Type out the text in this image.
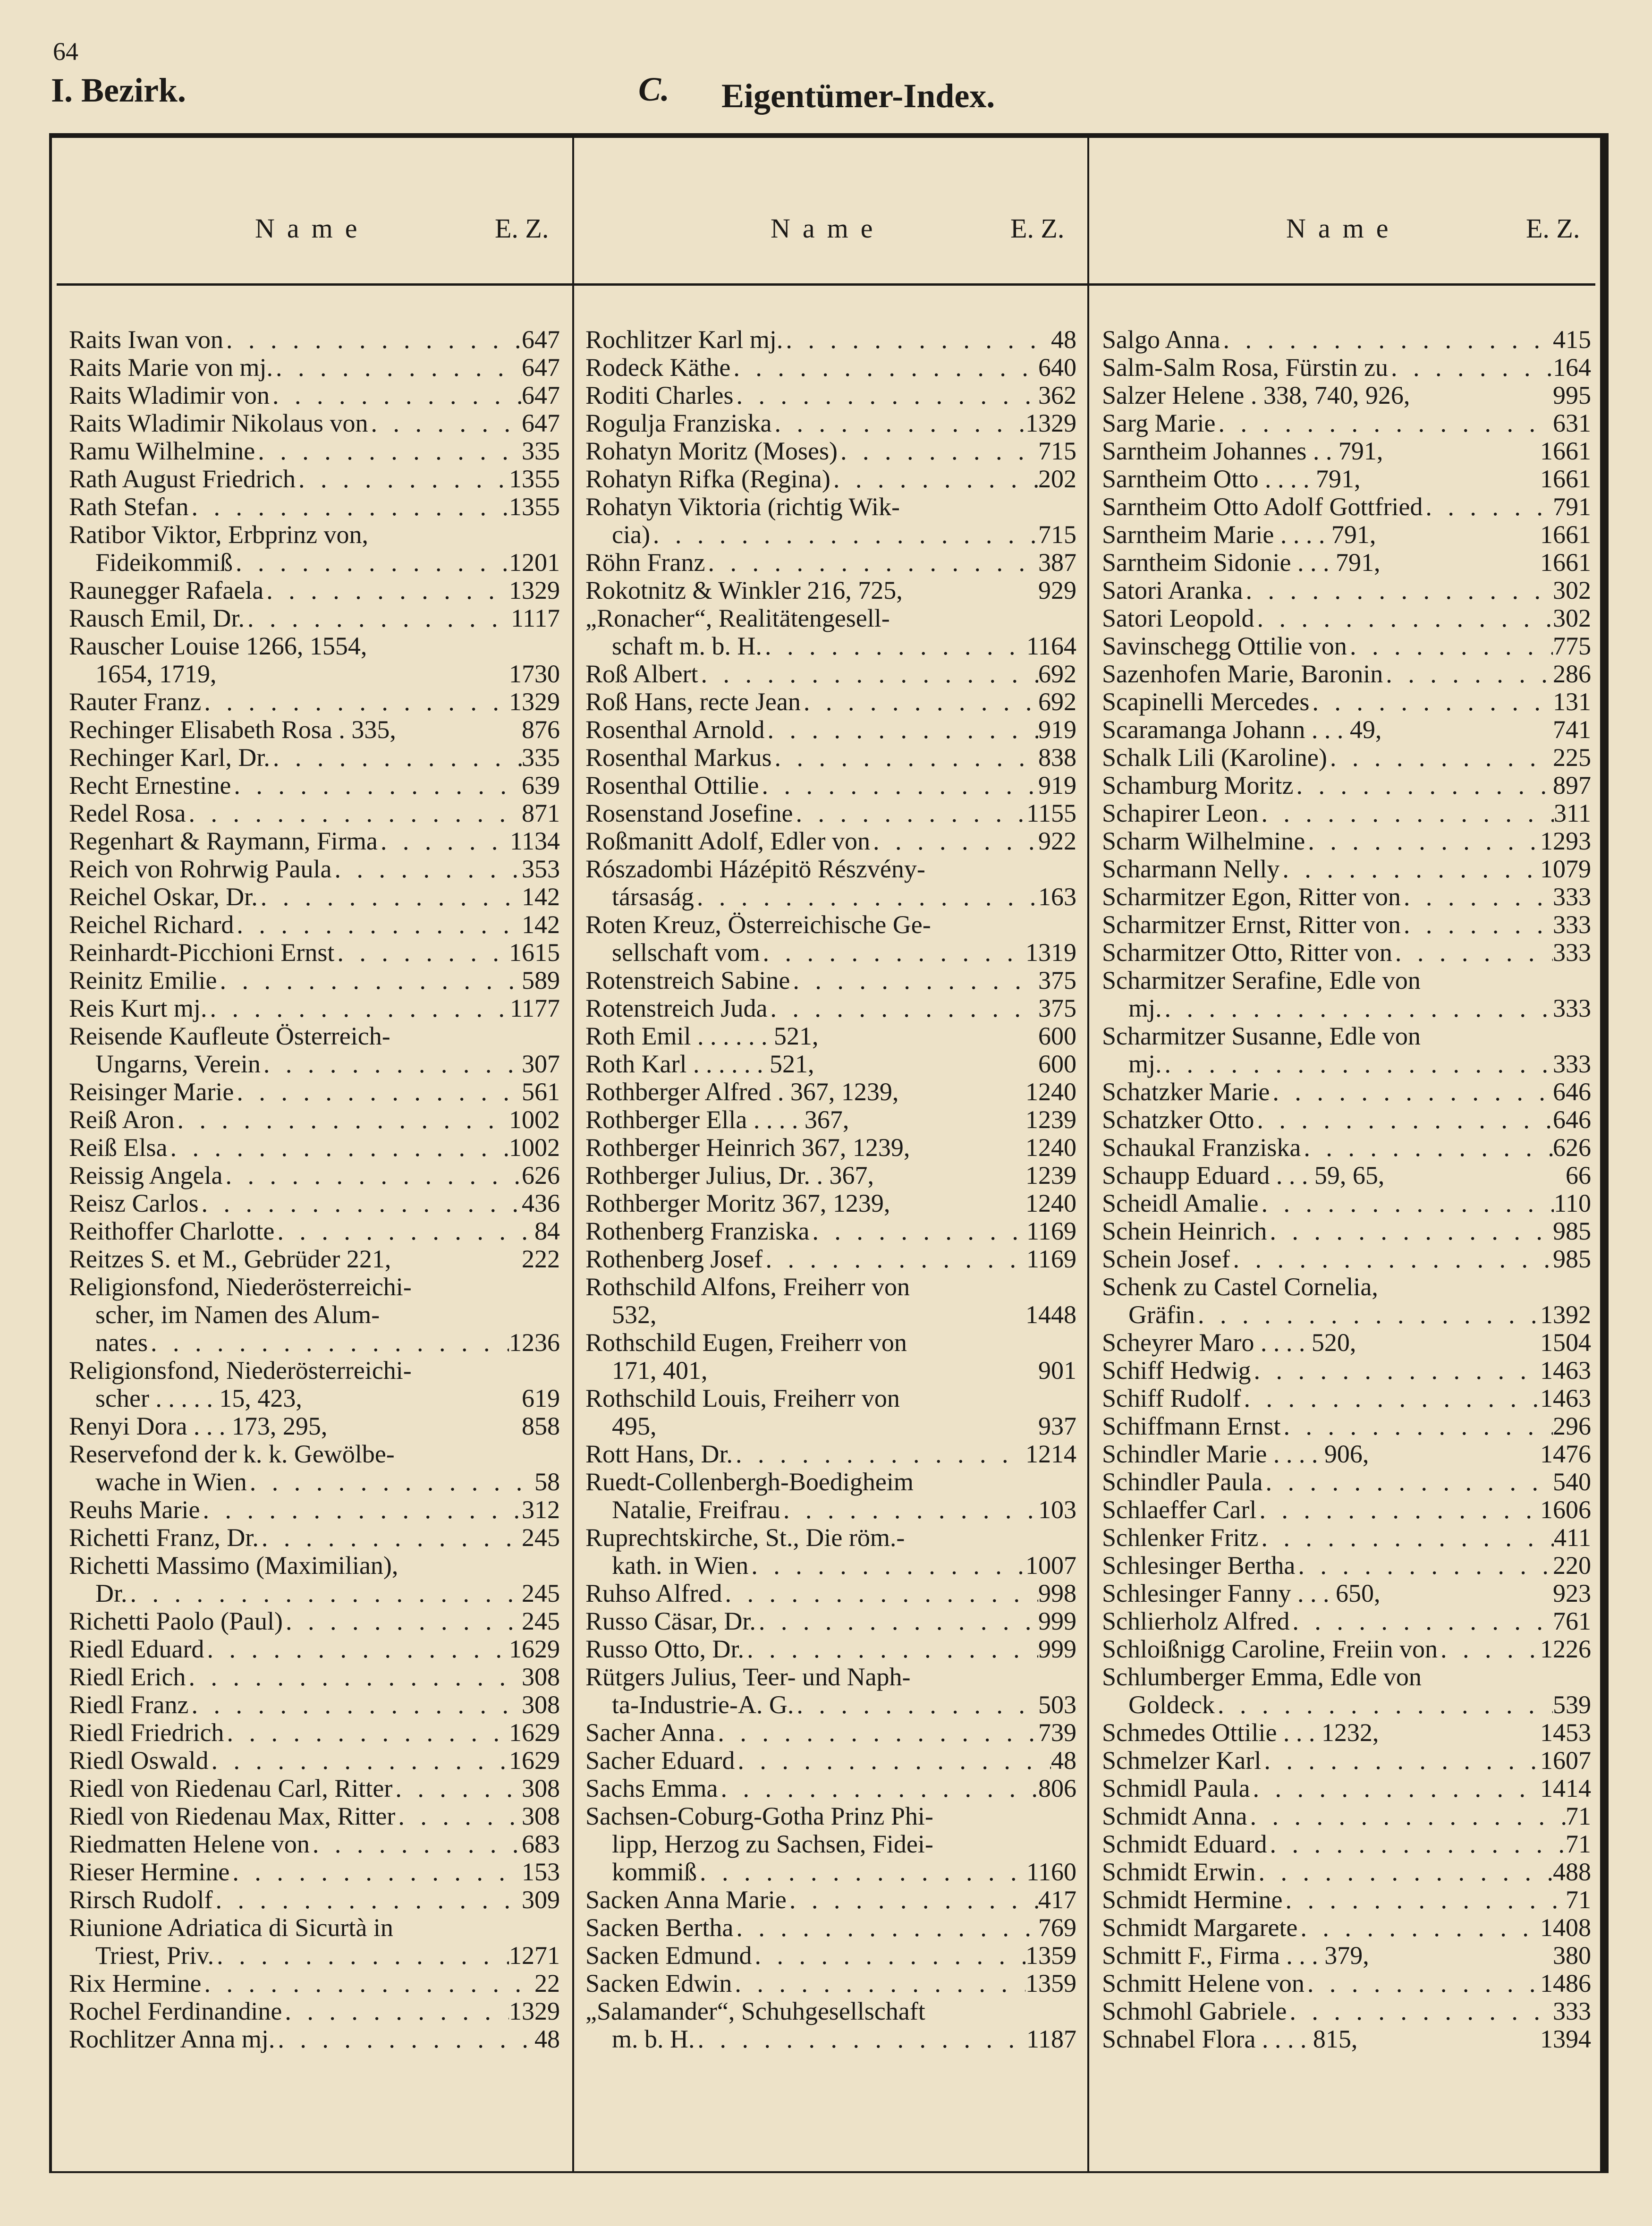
64
I. Bezirk.	C. Eigentümer-Index.
Name	E. Z.	Name	E. Z.	Name	E. Z.
Raits Iwan von . . .	647
Raits Marie von mj. . . .	647
Raits Wladimir von . . .	647
Raits Wladimir Nikolaus von . . .	647
Ramu Wilhelmine . . .	335
Rath August Friedrich . . .	1355
Rath Stefan . . .	1355
Ratibor Viktor, Erbprinz von,
Fideikommiß . . .	1201
Raunegger Rafaela . . .	1329
Rausch Emil, Dr. . . .	1117
Rauscher Louise 1266, 1554,
1654, 1719,	1730
Rauter Franz . . .	1329
Rechinger Elisabeth Rosa . 335,	876
Rechinger Karl, Dr. . . .	335
Recht Ernestine . . .	639
Redel Rosa . . .	871
Regenhart & Raymann, Firma . . .	1134
Reich von Rohrwig Paula . . .	353
Reichel Oskar, Dr. . . .	142
Reichel Richard . . .	142
Reinhardt-Picchioni Ernst . . .	1615
Reinitz Emilie . . .	589
Reis Kurt mj. . . .	1177
Reisende Kaufleute Österreich-
Ungarns, Verein . . .	307
Reisinger Marie . . .	561
Reiß Aron . . .	1002
Reiß Elsa . . .	1002
Reissig Angela . . .	626
Reisz Carlos . . .	436
Reithoffer Charlotte . . .	84
Reitzes S. et M., Gebrüder 221,	222
Religionsfond, Niederösterreichi-
scher, im Namen des Alum-
nates . . .	1236
Religionsfond, Niederösterreichi-
scher . . . . . 15, 423,	619
Renyi Dora . . . 173, 295,	858
Reservefond der k. k. Gewölbe-
wache in Wien . . .	58
Reuhs Marie . . .	312
Richetti Franz, Dr. . . .	245
Richetti Massimo (Maximilian),
Dr. . . .	245
Richetti Paolo (Paul) . . .	245
Riedl Eduard . . .	1629
Riedl Erich . . .	308
Riedl Franz . . .	308
Riedl Friedrich . . .	1629
Riedl Oswald . . .	1629
Riedl von Riedenau Carl, Ritter . . .	308
Riedl von Riedenau Max, Ritter . . .	308
Riedmatten Helene von . . .	683
Rieser Hermine . . .	153
Rirsch Rudolf . . .	309
Riunione Adriatica di Sicurtà in
Triest, Priv. . . .	1271
Rix Hermine . . .	22
Rochel Ferdinandine . . .	1329
Rochlitzer Anna mj. . . .	48
Rochlitzer Karl mj. . . .	48
Rodeck Käthe . . .	640
Roditi Charles . . .	362
Rogulja Franziska . . .	1329
Rohatyn Moritz (Moses) . . .	715
Rohatyn Rifka (Regina) . . .	202
Rohatyn Viktoria (richtig Wik-
cia) . . .	715
Röhn Franz . . .	387
Rokotnitz & Winkler 216, 725,	929
„Ronacher“, Realitätengesell-
schaft m. b. H. . . .	1164
Roß Albert . . .	692
Roß Hans, recte Jean . . .	692
Rosenthal Arnold . . .	919
Rosenthal Markus . . .	838
Rosenthal Ottilie . . .	919
Rosenstand Josefine . . .	1155
Roßmanitt Adolf, Edler von . . .	922
Rószadombi Házépitö Részvény-
társaság . . .	163
Roten Kreuz, Österreichische Ge-
sellschaft vom . . .	1319
Rotenstreich Sabine . . .	375
Rotenstreich Juda . . .	375
Roth Emil . . . . . . 521,	600
Roth Karl . . . . . . 521,	600
Rothberger Alfred . 367, 1239,	1240
Rothberger Ella . . . . 367,	1239
Rothberger Heinrich 367, 1239,	1240
Rothberger Julius, Dr. . 367,	1239
Rothberger Moritz 367, 1239,	1240
Rothenberg Franziska . . .	1169
Rothenberg Josef . . .	1169
Rothschild Alfons, Freiherr von
532,	1448
Rothschild Eugen, Freiherr von
171, 401,	901
Rothschild Louis, Freiherr von
495,	937
Rott Hans, Dr. . . .	1214
Ruedt-Collenbergh-Boedigheim
Natalie, Freifrau . . .	103
Ruprechtskirche, St., Die röm.-
kath. in Wien . . .	1007
Ruhso Alfred . . .	998
Russo Cäsar, Dr. . . .	999
Russo Otto, Dr. . . .	999
Rütgers Julius, Teer- und Naph-
ta-Industrie-A. G. . . .	503
Sacher Anna . . .	739
Sacher Eduard . . .	48
Sachs Emma . . .	806
Sachsen-Coburg-Gotha Prinz Phi-
lipp, Herzog zu Sachsen, Fidei-
kommiß . . .	1160
Sacken Anna Marie . . .	417
Sacken Bertha . . .	769
Sacken Edmund . . .	1359
Sacken Edwin . . .	1359
„Salamander“, Schuhgesellschaft
m. b. H. . . .	1187
Salgo Anna . . .	415
Salm-Salm Rosa, Fürstin zu . . .	164
Salzer Helene . 338, 740, 926,	995
Sarg Marie . . .	631
Sarntheim Johannes . . 791,	1661
Sarntheim Otto . . . . 791,	1661
Sarntheim Otto Adolf Gottfried . . .	791
Sarntheim Marie . . . . 791,	1661
Sarntheim Sidonie . . . 791,	1661
Satori Aranka . . .	302
Satori Leopold . . .	302
Savinschegg Ottilie von . . .	775
Sazenhofen Marie, Baronin . . .	286
Scapinelli Mercedes . . .	131
Scaramanga Johann . . . 49,	741
Schalk Lili (Karoline) . . .	225
Schamburg Moritz . . .	897
Schapirer Leon . . .	311
Scharm Wilhelmine . . .	1293
Scharmann Nelly . . .	1079
Scharmitzer Egon, Ritter von . . .	333
Scharmitzer Ernst, Ritter von . . .	333
Scharmitzer Otto, Ritter von . . .	333
Scharmitzer Serafine, Edle von
mj. . . .	333
Scharmitzer Susanne, Edle von
mj. . . .	333
Schatzker Marie . . .	646
Schatzker Otto . . .	646
Schaukal Franziska . . .	626
Schaupp Eduard . . . 59, 65,	66
Scheidl Amalie . . .	110
Schein Heinrich . . .	985
Schein Josef . . .	985
Schenk zu Castel Cornelia,
Gräfin . . .	1392
Scheyrer Maro . . . . 520,	1504
Schiff Hedwig . . .	1463
Schiff Rudolf . . .	1463
Schiffmann Ernst . . .	296
Schindler Marie . . . . 906,	1476
Schindler Paula . . .	540
Schlaeffer Carl . . .	1606
Schlenker Fritz . . .	411
Schlesinger Bertha . . .	220
Schlesinger Fanny . . . 650,	923
Schlierholz Alfred . . .	761
Schloißnigg Caroline, Freiin von . . .	1226
Schlumberger Emma, Edle von
Goldeck . . .	539
Schmedes Ottilie . . . 1232,	1453
Schmelzer Karl . . .	1607
Schmidl Paula . . .	1414
Schmidt Anna . . .	71
Schmidt Eduard . . .	71
Schmidt Erwin . . .	488
Schmidt Hermine . . .	71
Schmidt Margarete . . .	1408
Schmitt F., Firma . . . 379,	380
Schmitt Helene von . . .	1486
Schmohl Gabriele . . .	333
Schnabel Flora . . . . 815,	1394
